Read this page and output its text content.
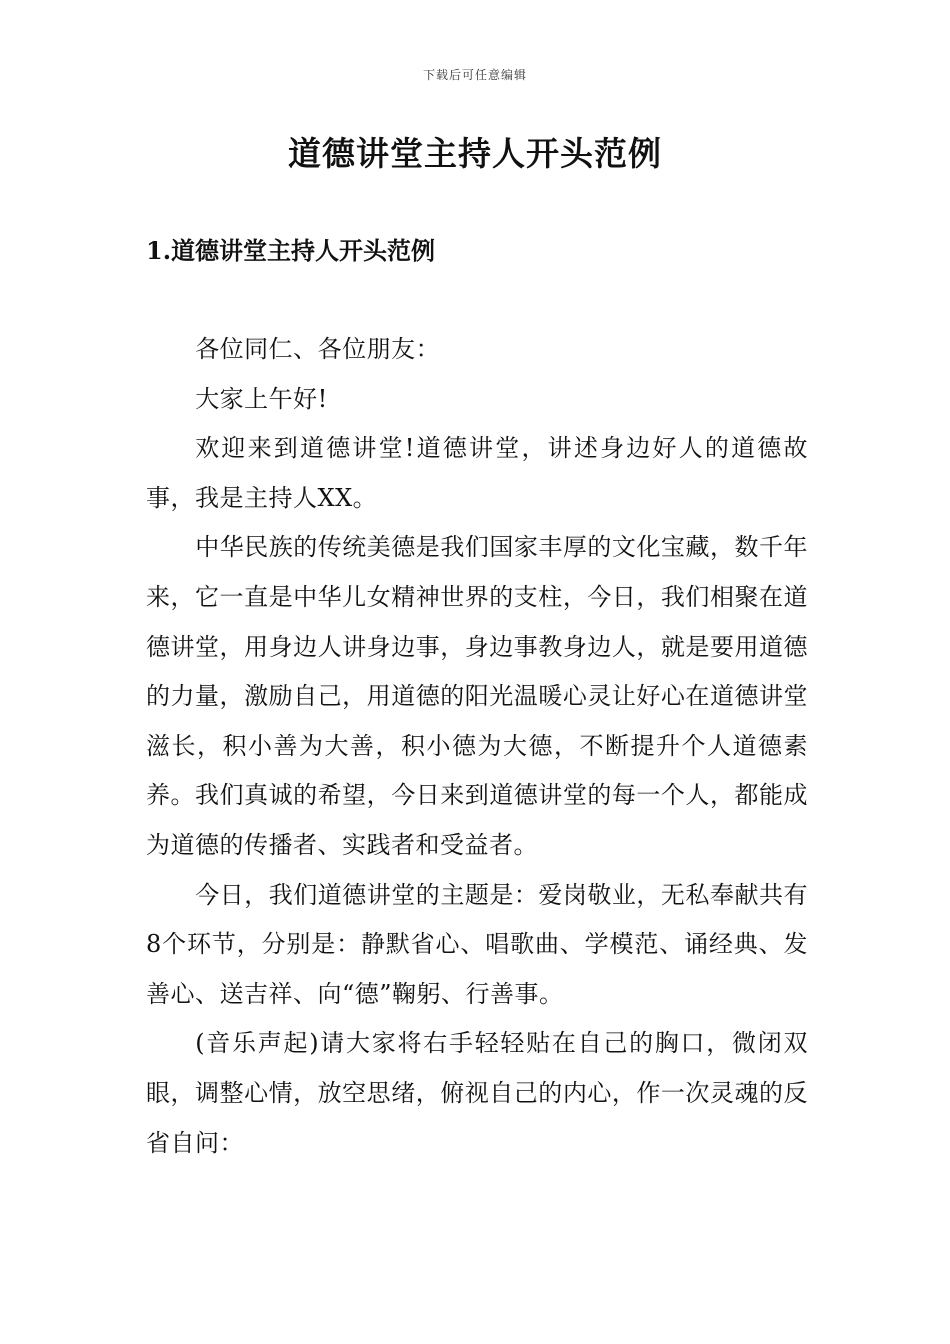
下载后可任意编辑
道德讲堂主持人开头范例
1.道德讲堂主持人开头范例

各位同仁、各位朋友：

大家上午好!

欢迎来到道德讲堂!道德讲堂，讲述身边好人的道德故事，我是主持人XX。

中华民族的传统美德是我们国家丰厚的文化宝藏，数千年来，它一直是中华儿女精神世界的支柱，今日，我们相聚在道德讲堂，用身边人讲身边事，身边事教身边人，就是要用道德的力量，激励自己，用道德的阳光温暖心灵让好心在道德讲堂滋长，积小善为大善，积小德为大德，不断提升个人道德素养。我们真诚的希望，今日来到道德讲堂的每一个人，都能成为道德的传播者、实践者和受益者。

今日，我们道德讲堂的主题是：爱岗敬业，无私奉献共有8个环节，分别是：静默省心、唱歌曲、学模范、诵经典、发善心、送吉祥、向“德”鞠躬、行善事。

(音乐声起)请大家将右手轻轻贴在自己的胸口，微闭双眼，调整心情，放空思绪，俯视自己的内心，作一次灵魂的反省自问：
